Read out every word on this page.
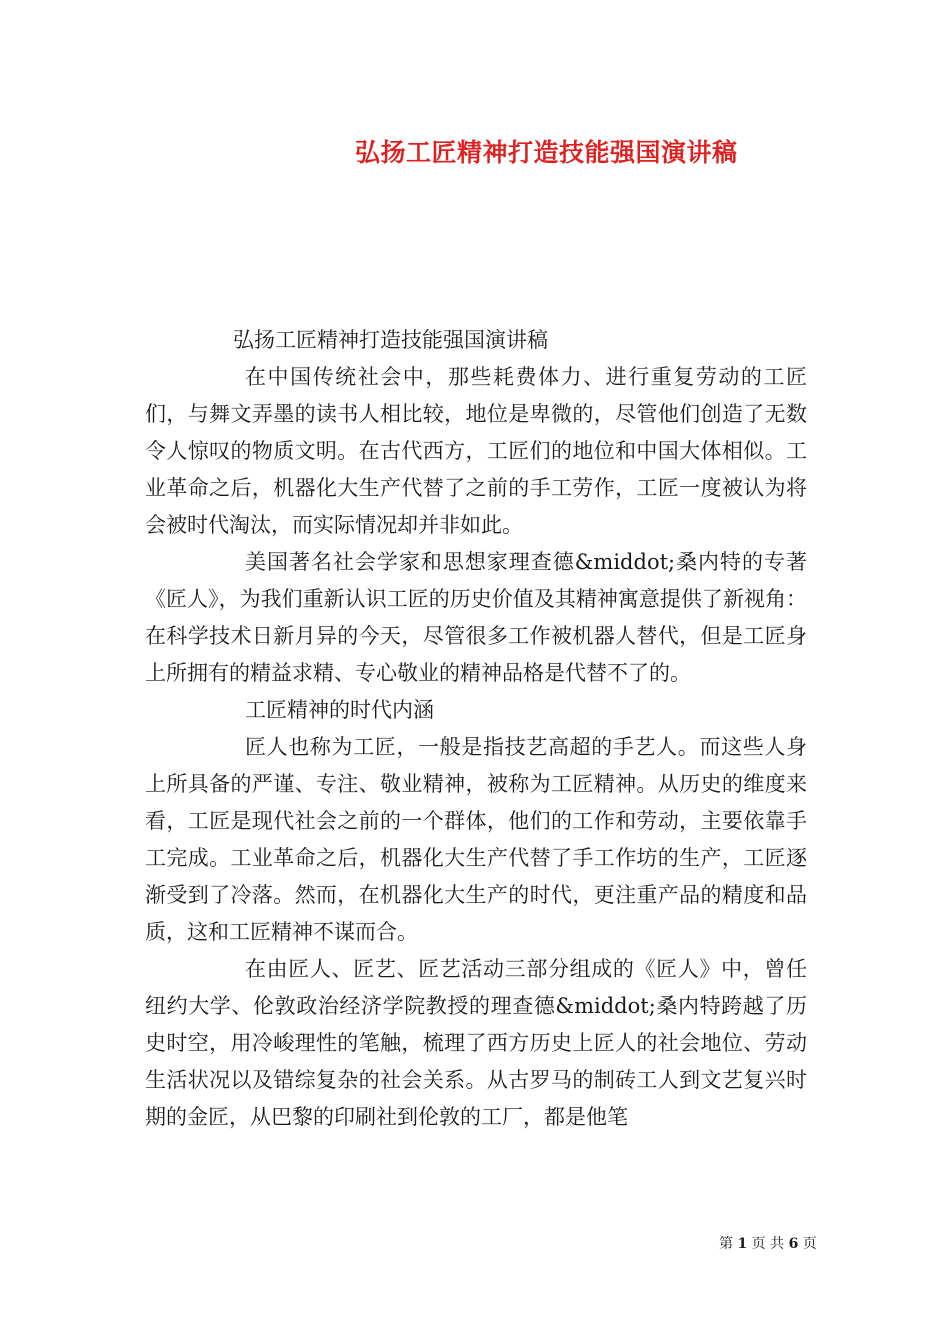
弘扬工匠精神打造技能强国演讲稿

弘扬工匠精神打造技能强国演讲稿

在中国传统社会中，那些耗费体力、进行重复劳动的工匠们，与舞文弄墨的读书人相比较，地位是卑微的，尽管他们创造了无数令人惊叹的物质文明。在古代西方，工匠们的地位和中国大体相似。工业革命之后，机器化大生产代替了之前的手工劳作，工匠一度被认为将会被时代淘汰，而实际情况却并非如此。

美国著名社会学家和思想家理查德&middot;桑内特的专著《匠人》，为我们重新认识工匠的历史价值及其精神寓意提供了新视角：在科学技术日新月异的今天，尽管很多工作被机器人替代，但是工匠身上所拥有的精益求精、专心敬业的精神品格是代替不了的。

工匠精神的时代内涵

匠人也称为工匠，一般是指技艺高超的手艺人。而这些人身上所具备的严谨、专注、敬业精神，被称为工匠精神。从历史的维度来看，工匠是现代社会之前的一个群体，他们的工作和劳动，主要依靠手工完成。工业革命之后，机器化大生产代替了手工作坊的生产，工匠逐渐受到了冷落。然而，在机器化大生产的时代，更注重产品的精度和品质，这和工匠精神不谋而合。

在由匠人、匠艺、匠艺活动三部分组成的《匠人》中，曾任纽约大学、伦敦政治经济学院教授的理查德&middot;桑内特跨越了历史时空，用冷峻理性的笔触，梳理了西方历史上匠人的社会地位、劳动生活状况以及错综复杂的社会关系。从古罗马的制砖工人到文艺复兴时期的金匠，从巴黎的印刷社到伦敦的工厂，都是他笔

第 1 页 共 6 页
